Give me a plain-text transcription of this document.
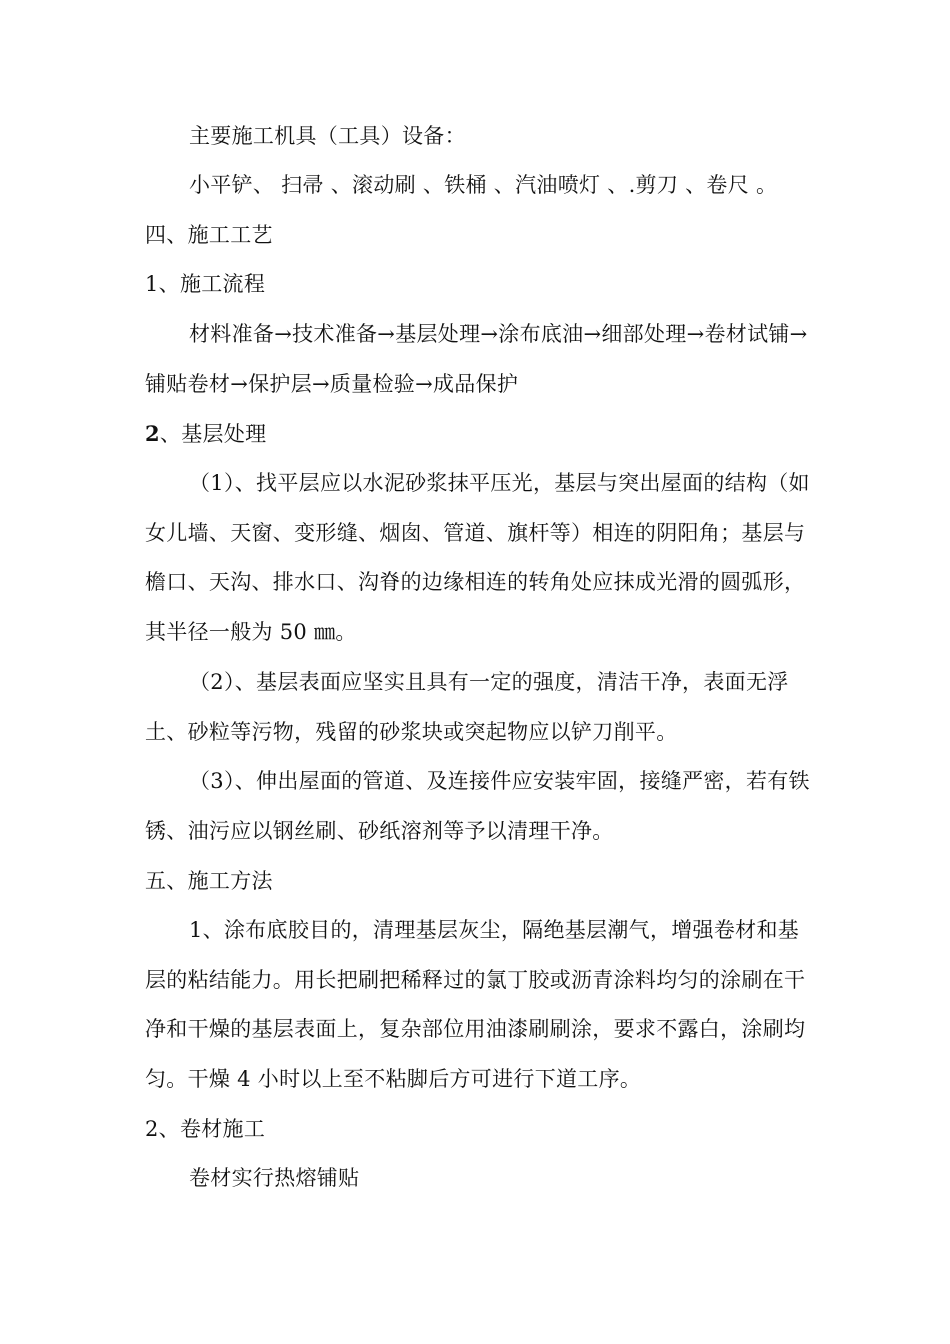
主要施工机具（工具）设备：

小平铲、 扫帚 、滚动刷 、铁桶 、汽油喷灯 、.剪刀 、卷尺 。

四、施工工艺

1、施工流程

材料准备→技术准备→基层处理→涂布底油→细部处理→卷材试铺→铺贴卷材→保护层→质量检验→成品保护

2、基层处理

（1）、找平层应以水泥砂浆抹平压光，基层与突出屋面的结构（如女儿墙、天窗、变形缝、烟囱、管道、旗杆等）相连的阴阳角；基层与檐口、天沟、排水口、沟脊的边缘相连的转角处应抹成光滑的圆弧形，其半径一般为 50 ㎜。

（2）、基层表面应坚实且具有一定的强度，清洁干净，表面无浮土、砂粒等污物，残留的砂浆块或突起物应以铲刀削平。

（3）、伸出屋面的管道、及连接件应安装牢固，接缝严密，若有铁锈、油污应以钢丝刷、砂纸溶剂等予以清理干净。

五、施工方法

1、涂布底胶目的，清理基层灰尘，隔绝基层潮气，增强卷材和基层的粘结能力。用长把刷把稀释过的氯丁胶或沥青涂料均匀的涂刷在干净和干燥的基层表面上，复杂部位用油漆刷刷涂，要求不露白，涂刷均匀。干燥 4 小时以上至不粘脚后方可进行下道工序。

2、卷材施工

卷材实行热熔铺贴
